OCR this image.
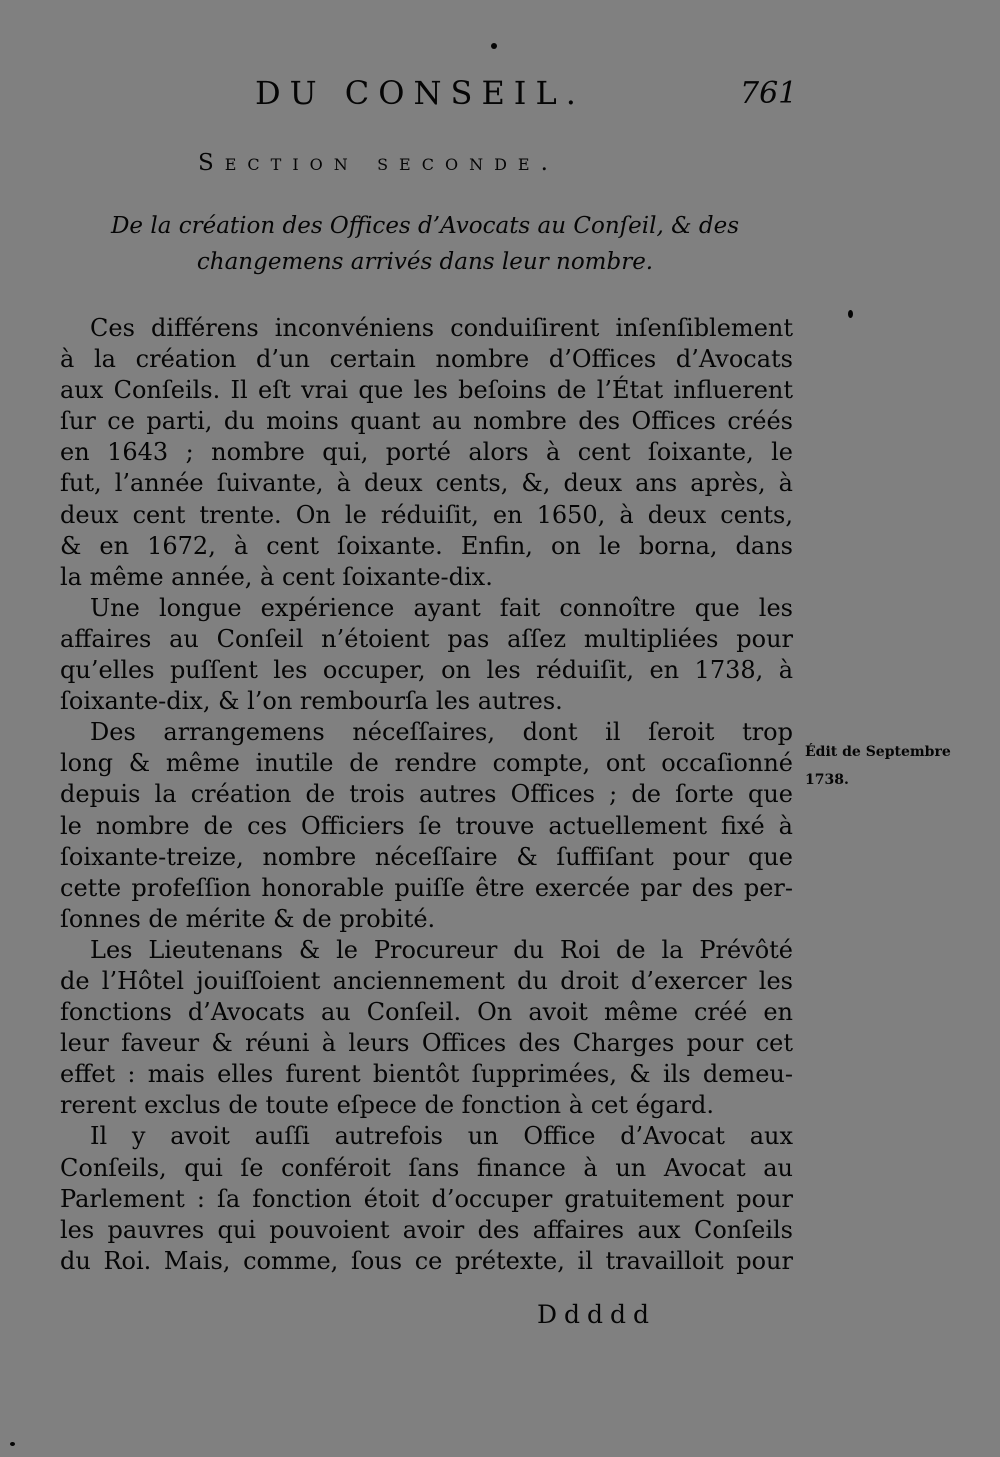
DU CONSEIL.	761
Section seconde.
De la création des Offices d’Avocats au Conſeil, & des
changemens arrivés dans leur nombre.
Ces différens inconvéniens conduiſirent inſenſiblement
à la création d’un certain nombre d’Offices d’Avocats
aux Conſeils. Il eſt vrai que les beſoins de l’État influerent
ſur ce parti, du moins quant au nombre des Offices créés
en 1643 ; nombre qui, porté alors à cent ſoixante, le
fut, l’année ſuivante, à deux cents, &, deux ans après, à
deux cent trente. On le réduiſit, en 1650, à deux cents,
& en 1672, à cent ſoixante. Enfin, on le borna, dans
la même année, à cent ſoixante-dix.
Une longue expérience ayant fait connoître que les
affaires au Conſeil n’étoient pas aſſez multipliées pour
qu’elles puſſent les occuper, on les réduiſit, en 1738, à
ſoixante-dix, & l’on rembourſa les autres.
Des arrangemens néceſſaires, dont il ſeroit trop
long & même inutile de rendre compte, ont occaſionné
depuis la création de trois autres Offices ; de ſorte que
le nombre de ces Officiers ſe trouve actuellement fixé à
ſoixante-treize, nombre néceſſaire & ſuffiſant pour que
cette profeſſion honorable puiſſe être exercée par des per-
ſonnes de mérite & de probité.
Les Lieutenans & le Procureur du Roi de la Prévôté
de l’Hôtel jouiſſoient anciennement du droit d’exercer les
fonctions d’Avocats au Conſeil. On avoit même créé en
leur faveur & réuni à leurs Offices des Charges pour cet
effet : mais elles furent bientôt ſupprimées, & ils demeu-
rerent exclus de toute eſpece de fonction à cet égard.
Il y avoit auſſi autrefois un Office d’Avocat aux
Conſeils, qui ſe conféroit ſans finance à un Avocat au
Parlement : ſa fonction étoit d’occuper gratuitement pour
les pauvres qui pouvoient avoir des affaires aux Conſeils
du Roi. Mais, comme, ſous ce prétexte, il travailloit pour
Édit de Septembre
1738.
Ddddd
